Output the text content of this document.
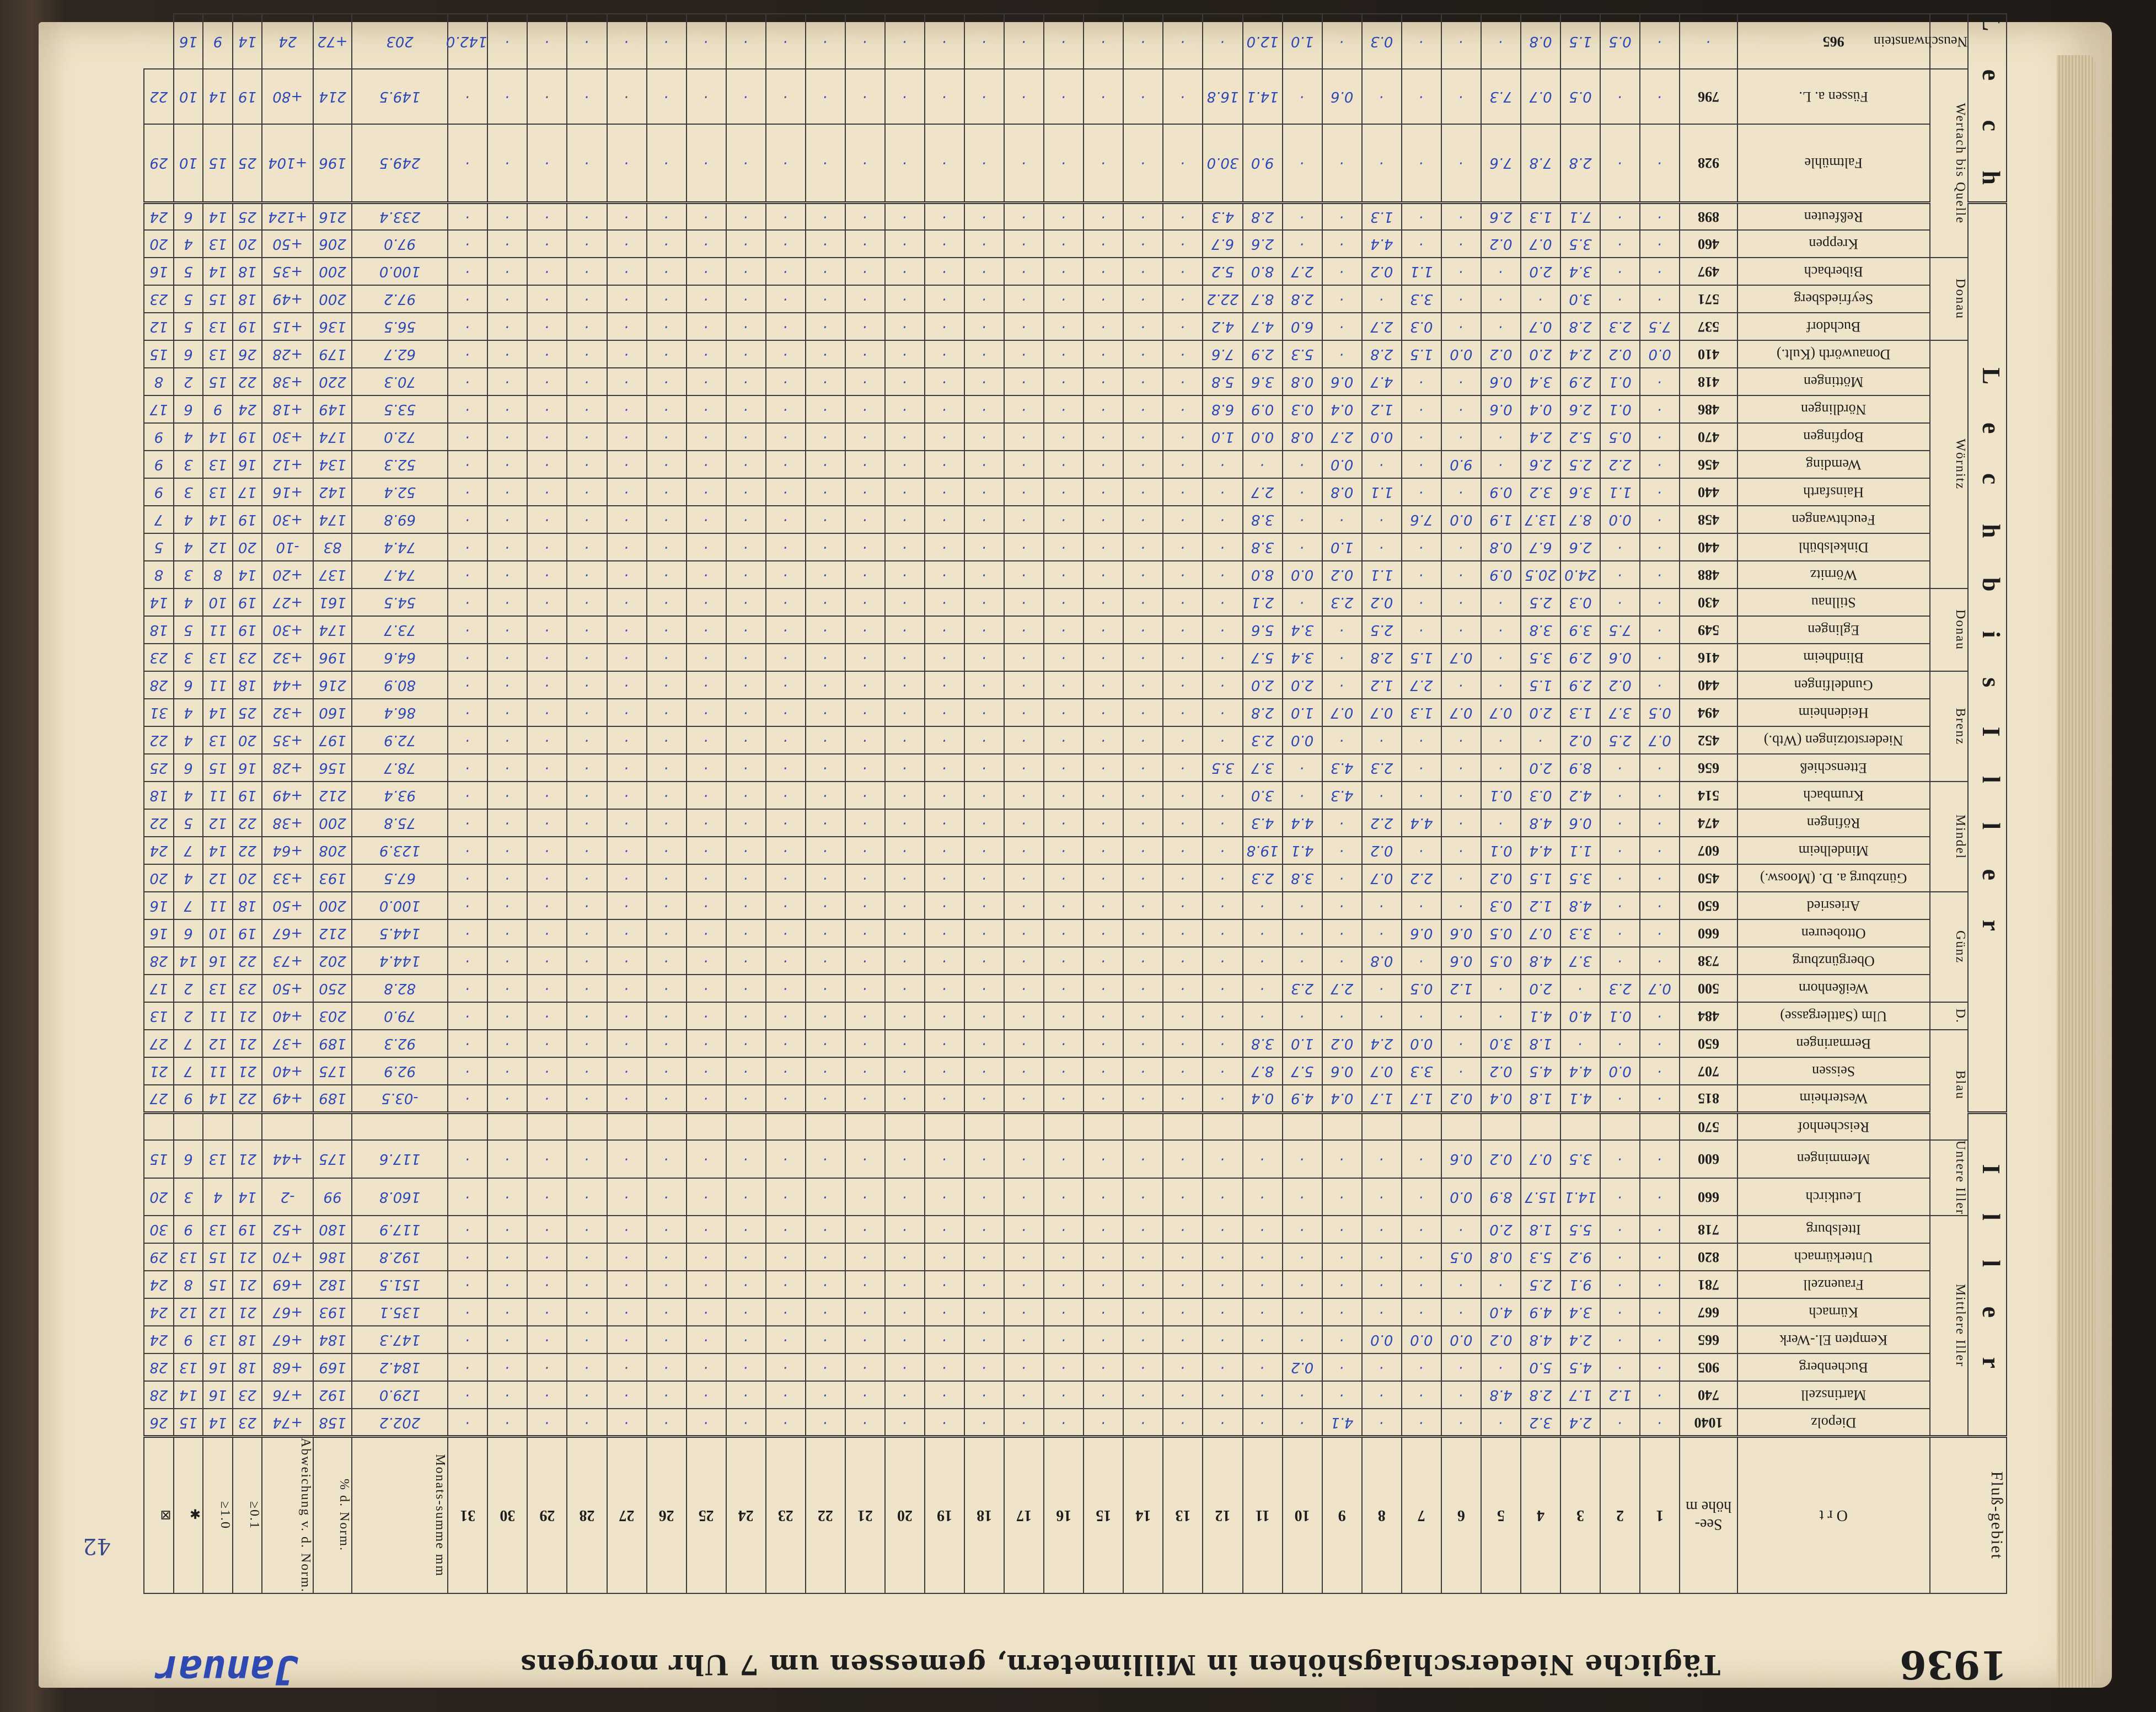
42
1936
Tägliche Niederschlagshöhen in Millimetern, gemessen um 7 Uhr morgens
Januar
Fluß-gebiet		O r t	See-höhe m	1	2	3	4	5	6	7	8	9	10	11	12	13	14	15	16	17	18	19	20	21	22	23	24	25	26	27	28	29	30	31	Monats-summe mm	% d. Norm.	Abweichung v. d. Norm.	≥0.1	≥1.0	✱	⊠

I l l e r	Mittlere Iller	Diepolz	1040	·	·	2.4	3.2	·	·	·	·	4.1	·	·	·	·	·	·	·	·	·	·	·	·	·	·	·	·	·	·	·	·	·	·	202.2	158	+74	23	14	15	26
		Martinszell	740	·	1.2	1.7	2.8	4.8	·	·	·	·	·	·	·	·	·	·	·	·	·	·	·	·	·	·	·	·	·	·	·	·	·	·	129.0	192	+76	23	16	14	28
		Buchenberg	905	·	·	4.5	5.0	·	·	·	·	·	0.2	·	·	·	·	·	·	·	·	·	·	·	·	·	·	·	·	·	·	·	·	·	184.2	169	+68	18	16	13	28
		Kempten El.-Werk	665	·	·	2.4	4.8	0.2	0.0	0.0	0.0	·	·	·	·	·	·	·	·	·	·	·	·	·	·	·	·	·	·	·	·	·	·	·	147.3	184	+67	18	13	9	24
		Kürnach	667	·	·	3.4	4.9	4.0	·	·	·	·	·	·	·	·	·	·	·	·	·	·	·	·	·	·	·	·	·	·	·	·	·	·	135.1	193	+67	21	12	12	24
		Frauenzell	781	·	·	9.1	2.5	·	·	·	·	·	·	·	·	·	·	·	·	·	·	·	·	·	·	·	·	·	·	·	·	·	·	·	151.5	182	+69	21	15	8	24
		Unterkürnach	820	·	·	9.2	5.3	0.8	0.5	·	·	·	·	·	·	·	·	·	·	·	·	·	·	·	·	·	·	·	·	·	·	·	·	·	192.8	186	+70	21	15	13	29
		Ittelsburg	718	·	·	5.5	1.8	2.0	·	·	·	·	·	·	·	·	·	·	·	·	·	·	·	·	·	·	·	·	·	·	·	·	·	·	117.9	180	+52	19	13	9	30

	Untere Iller	Leutkirch	660	·	·	14.1	15.7	8.9	0.0	·	·	·	·	·	·	·	·	·	·	·	·	·	·	·	·	·	·	·	·	·	·	·	·	·	160.8	99	-2	14	4	3	20
		Memmingen	600	·	·	3.5	0.7	0.2	0.6	·	·	·	·	·	·	·	·	·	·	·	·	·	·	·	·	·	·	·	·	·	·	·	·	·	117.6	175	+44	21	13	6	15

	Blau	Reischenhof	570																																						

L e c h b i s I l l e r		Westerheim	815	·	·	4.1	1.8	0.4	0.2	1.7	1.7	0.4	4.9	0.4	·	·	·	·	·	·	·	·	·	·	·	·	·	·	·	·	·	·	·	·	-03.5	189	+49	22	14	9	27
		Seissen	707	·	0.0	4.4	4.5	0.2	·	3.3	0.7	0.6	5.7	8.7	·	·	·	·	·	·	·	·	·	·	·	·	·	·	·	·	·	·	·	·	92.9	175	+40	21	11	7	21
		Bermaringen	650	·	·	·	1.8	3.0	·	0.0	2.4	0.2	1.0	3.8	·	·	·	·	·	·	·	·	·	·	·	·	·	·	·	·	·	·	·	·	92.3	189	+37	21	12	7	27

	D.	Ulm (Sattlergasse)	484	·	0.1	4.0	4.1	·	·	·	·	·	·	·	·	·	·	·	·	·	·	·	·	·	·	·	·	·	·	·	·	·	·	·	79.0	203	+40	21	11	2	13

	Günz	Weißenhorn	500	0.7	2.3	·	2.0	·	1.2	0.5	·	2.7	2.3	·	·	·	·	·	·	·	·	·	·	·	·	·	·	·	·	·	·	·	·	·	82.8	250	+50	23	13	2	17
		Obergünzburg	738	·	·	3.7	4.8	0.5	0.6	·	0.8	·	·	·	·	·	·	·	·	·	·	·	·	·	·	·	·	·	·	·	·	·	·	·	144.4	202	+73	22	16	14	28
		Ottobeuren	660	·	·	3.3	0.7	0.5	0.6	0.6	·	·	·	·	·	·	·	·	·	·	·	·	·	·	·	·	·	·	·	·	·	·	·	·	144.5	212	+67	19	10	6	16
		Ariesried	650	·	·	4.8	1.2	0.3	·	·	·	·	·	·	·	·	·	·	·	·	·	·	·	·	·	·	·	·	·	·	·	·	·	·	100.0	200	+50	18	11	7	16

	Mindel	Günzburg a. D. (Moosw.)	450	·	·	3.5	1.5	0.2	·	2.2	0.7	·	3.8	2.3	·	·	·	·	·	·	·	·	·	·	·	·	·	·	·	·	·	·	·	·	67.5	193	+33	20	12	4	20
		Mindelheim	607	·	·	1.1	4.4	0.1	·	·	0.2	·	4.1	19.8	·	·	·	·	·	·	·	·	·	·	·	·	·	·	·	·	·	·	·	·	123.9	208	+64	22	14	7	24
		Röfingen	474	·	·	0.6	4.8	·	·	4.4	2.2	·	4.4	4.3	·	·	·	·	·	·	·	·	·	·	·	·	·	·	·	·	·	·	·	·	75.8	200	+38	22	12	5	22
		Krumbach	514	·	·	4.2	0.3	0.1	·	·	·	4.3	·	3.0	·	·	·	·	·	·	·	·	·	·	·	·	·	·	·	·	·	·	·	·	93.4	212	+49	19	11	4	18

	Brenz	Ettenschieß	656	·	·	8.9	2.0	·	·	·	2.3	4.3	·	3.7	3.5	·	·	·	·	·	·	·	·	·	·	·	·	·	·	·	·	·	·	·	78.7	156	+28	16	15	6	25
		Niederstotzingen (Wtb.)	452	0.7	2.5	0.2	·	·	·	·	·	·	0.0	2.3	·	·	·	·	·	·	·	·	·	·	·	·	·	·	·	·	·	·	·	·	72.9	197	+35	20	13	4	22
		Heidenheim	494	0.5	3.7	1.3	2.0	0.7	0.7	1.3	0.7	0.7	1.0	2.8	·	·	·	·	·	·	·	·	·	·	·	·	·	·	·	·	·	·	·	·	86.4	160	+32	25	14	4	31
		Gundelfingen	440	·	0.2	2.9	1.5	·	·	2.7	1.2	·	2.0	2.0	·	·	·	·	·	·	·	·	·	·	·	·	·	·	·	·	·	·	·	·	80.9	216	+44	18	11	6	28

	Donau	Blindheim	416	·	0.6	2.9	3.5	·	0.7	1.5	2.8	·	3.4	5.7	·	·	·	·	·	·	·	·	·	·	·	·	·	·	·	·	·	·	·	·	64.6	196	+32	23	13	3	23
		Eglingen	549	·	7.5	3.9	3.8	·	·	·	2.5	·	3.4	5.6	·	·	·	·	·	·	·	·	·	·	·	·	·	·	·	·	·	·	·	·	73.7	174	+30	19	11	5	18
		Stillnau	430	·	·	0.3	2.5	·	·	·	0.2	2.3	·	2.1	·	·	·	·	·	·	·	·	·	·	·	·	·	·	·	·	·	·	·	·	54.5	161	+27	19	10	4	14

	Wörnitz	Wörnitz	488	·	·	24.0	20.5	0.9	·	·	1.1	0.2	0.0	8.0	·	·	·	·	·	·	·	·	·	·	·	·	·	·	·	·	·	·	·	·	74.7	137	+20	14	8	3	8
		Dinkelsbühl	440	·	·	2.6	6.7	0.8	·	·	·	1.0	·	3.8	·	·	·	·	·	·	·	·	·	·	·	·	·	·	·	·	·	·	·	·	74.4	83	-10	20	12	4	5
		Feuchtwangen	458	·	0.0	8.7	13.7	1.9	0.0	7.6	·	·	·	3.8	·	·	·	·	·	·	·	·	·	·	·	·	·	·	·	·	·	·	·	·	69.8	174	+30	19	14	4	7
		Hainsfarth	440	·	1.1	3.6	3.2	0.9	·	·	1.1	0.8	·	2.7	·	·	·	·	·	·	·	·	·	·	·	·	·	·	·	·	·	·	·	·	52.4	142	+16	17	13	3	9
		Wemding	456	·	2.2	2.5	2.6	·	9.0	·	·	0.0	·	·	·	·	·	·	·	·	·	·	·	·	·	·	·	·	·	·	·	·	·	·	52.3	134	+12	16	13	3	9
		Bopfingen	470	·	0.5	5.2	2.4	·	·	·	0.0	2.7	0.8	0.0	1.0	·	·	·	·	·	·	·	·	·	·	·	·	·	·	·	·	·	·	·	72.0	174	+30	19	14	4	9
		Nördlingen	486	·	0.1	2.6	0.4	0.6	·	·	1.2	0.4	0.3	0.9	6.8	·	·	·	·	·	·	·	·	·	·	·	·	·	·	·	·	·	·	·	53.5	149	+18	24	9	6	17
		Möttingen	418	·	0.1	2.9	3.4	0.6	·	·	4.7	0.6	0.8	3.6	5.8	·	·	·	·	·	·	·	·	·	·	·	·	·	·	·	·	·	·	·	70.3	220	+38	22	15	2	8
		Donauwörth (Kult.)	410	0.0	0.2	2.4	2.0	0.2	0.0	1.5	2.8	·	5.3	2.9	7.6	·	·	·	·	·	·	·	·	·	·	·	·	·	·	·	·	·	·	·	62.7	179	+28	26	13	6	15

	Donau	Buchdorf	537	7.5	2.3	2.8	0.7	·	·	0.3	2.7	·	6.0	4.7	4.2	·	·	·	·	·	·	·	·	·	·	·	·	·	·	·	·	·	·	·	56.5	136	+15	19	13	5	12
		Seyfriedsberg	571	·	·	3.0	·	·	·	3.3	·	·	2.8	8.7	22.2	·	·	·	·	·	·	·	·	·	·	·	·	·	·	·	·	·	·	·	97.2	200	+49	18	15	5	23
		Biberbach	497	·	·	3.4	2.0	·	·	1.1	0.2	·	2.7	8.0	5.2	·	·	·	·	·	·	·	·	·	·	·	·	·	·	·	·	·	·	·	100.0	200	+35	18	14	5	16

	Wertach bis Quelle	Kreppen	460	·	·	3.5	0.7	0.2	·	·	4.4	·	·	2.6	6.7	·	·	·	·	·	·	·	·	·	·	·	·	·	·	·	·	·	·	·	97.0	206	+50	20	13	4	20
		Reßfeuten	898	·	·	7.1	1.3	2.6	·	·	1.3	·	·	2.8	4.3	·	·	·	·	·	·	·	·	·	·	·	·	·	·	·	·	·	·	·	233.4	216	+124	25	14	6	24

L e c h		Faltmühle	928	·	·	2.8	7.8	7.6	·	·	·	·	·	9.0	30.0	·	·	·	·	·	·	·	·	·	·	·	·	·	·	·	·	·	·	·	249.5	196	+104	25	15	10	29
		Füssen a. L.	796	·	·	0.5	0.7	7.3	·	·	·	0.6	·	14.1	16.8	·	·	·	·	·	·	·	·	·	·	·	·	·	·	·	·	·	·	·	149.5	214	+80	19	14	10	22
	Neuschwanstein	965	·	·	0.5	1.5	0.8	·	·	·	0.3	·	1.0	12.0	·	·	·	·	·	·	·	·	·	·	·	·	·	·	·	·	·	·	·	142.0	203	+72	24	14	9	16	
